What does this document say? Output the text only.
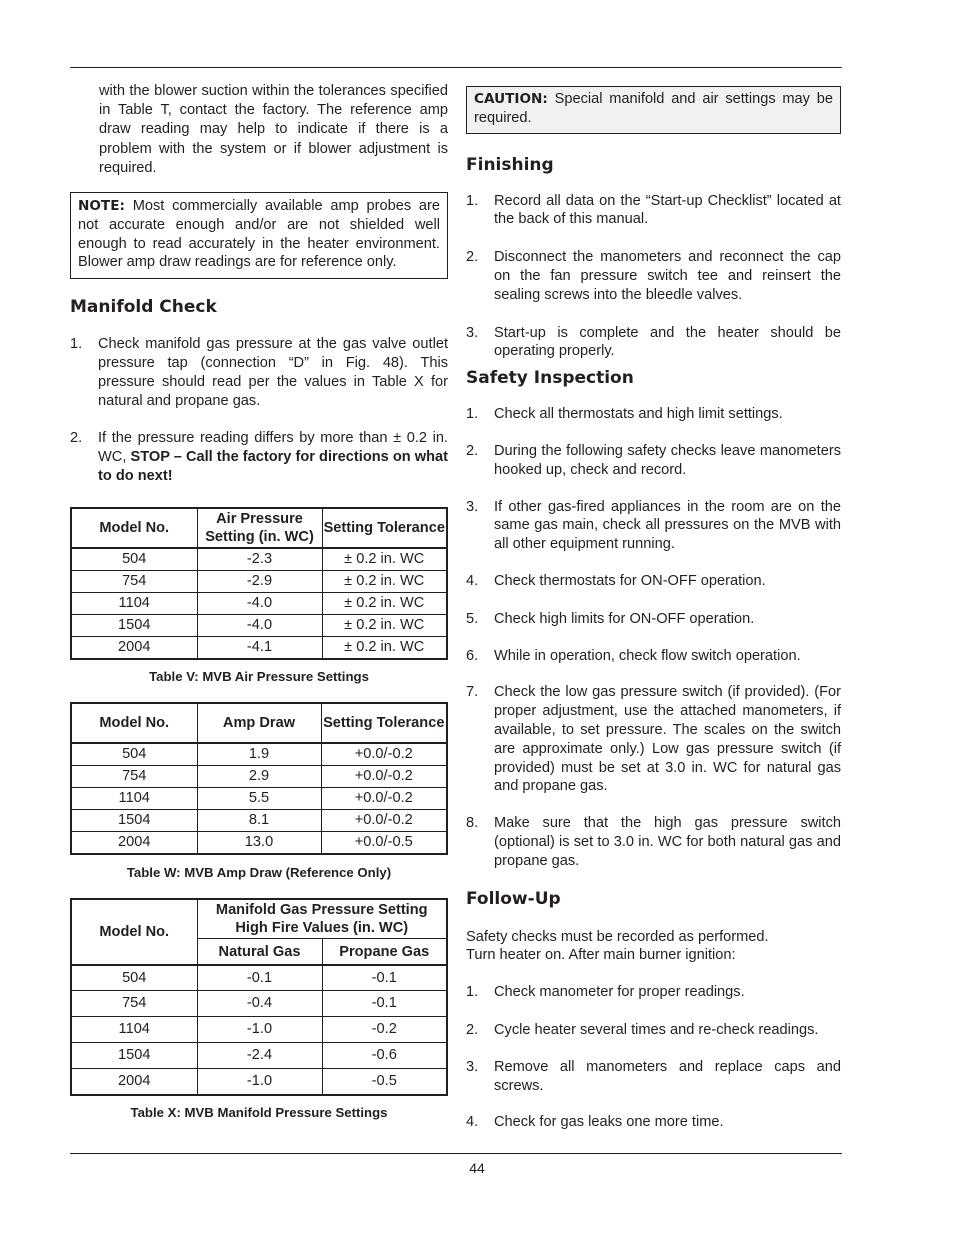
with the blower suction within the tolerances specified in Table T, contact the factory. The reference amp draw reading may help to indicate if there is a problem with the system or if blower adjustment is required.

NOTE: Most commercially available amp probes are not accurate enough and/or are not shielded well enough to read accurately in the heater environment. Blower amp draw readings are for reference only.
Manifold Check
1.	Check manifold gas pressure at the gas valve outlet pressure tap (connection “D” in Fig. 48). This pressure should read per the values in Table X for natural and propane gas.
2.	If the pressure reading differs by more than ± 0.2 in. WC, STOP – Call the factory for directions on what to do next!
Model No.	Air Pressure Setting (in. WC)	Setting Tolerance
504	-2.3	± 0.2 in. WC
754	-2.9	± 0.2 in. WC
1104	-4.0	± 0.2 in. WC
1504	-4.0	± 0.2 in. WC
2004	-4.1	± 0.2 in. WC
Table V: MVB Air Pressure Settings
Model No.	Amp Draw	Setting Tolerance
504	1.9	+0.0/-0.2
754	2.9	+0.0/-0.2
1104	5.5	+0.0/-0.2
1504	8.1	+0.0/-0.2
2004	13.0	+0.0/-0.5
Table W: MVB Amp Draw (Reference Only)
Model No.	Manifold Gas Pressure Setting High Fire Values (in. WC)	
	Natural Gas	Propane Gas
504	-0.1	-0.1
754	-0.4	-0.1
1104	-1.0	-0.2
1504	-2.4	-0.6
2004	-1.0	-0.5
Table X: MVB Manifold Pressure Settings
CAUTION: Special manifold and air settings may be required.
Finishing
1.	Record all data on the “Start-up Checklist” located at the back of this manual.
2.	Disconnect the manometers and reconnect the cap on the fan pressure switch tee and reinsert the sealing screws into the bleedle valves.
3.	Start-up is complete and the heater should be operating properly.
Safety Inspection
1.	Check all thermostats and high limit settings.
2.	During the following safety checks leave manometers hooked up, check and record.
3.	If other gas-fired appliances in the room are on the same gas main, check all pressures on the MVB with all other equipment running.
4.	Check thermostats for ON-OFF operation.
5.	Check high limits for ON-OFF operation.
6.	While in operation, check flow switch operation.
7.	Check the low gas pressure switch (if provided). (For proper adjustment, use the attached manometers, if available, to set pressure. The scales on the switch are approximate only.) Low gas pressure switch (if provided) must be set at 3.0 in. WC for natural gas and propane gas.
8.	Make sure that the high gas pressure switch (optional) is set to 3.0 in. WC for both natural gas and propane gas.
Follow-Up

Safety checks must be recorded as performed.

Turn heater on. After main burner ignition:

1.	Check manometer for proper readings.
2.	Cycle heater several times and re-check readings.
3.	Remove all manometers and replace caps and screws.
4.	Check for gas leaks one more time.
44
